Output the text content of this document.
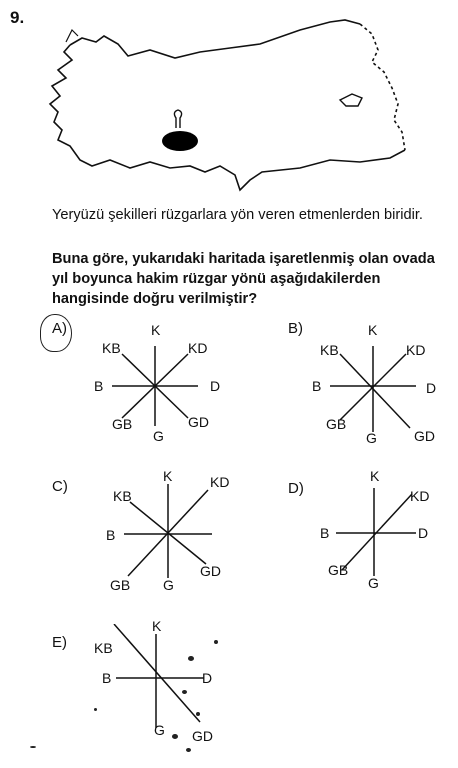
9.
Yeryüzü şekilleri rüzgarlara yön veren etmenlerden biridir.
Buna göre, yukarıdaki haritada işaretlenmiş olan ovada yıl boyunca hakim rüzgar yönü aşağıdakilerden hangisinde doğru verilmiştir?
A)	K
KD
D
GD
G
GB
B
KB
B)	K
KD
D
GD
G
GB
B
KB
C)
K	KD
KB
B
GD
G
GB
D)
K
KD
B	D
GB
G
E)
K
KB
B	D
G GD
